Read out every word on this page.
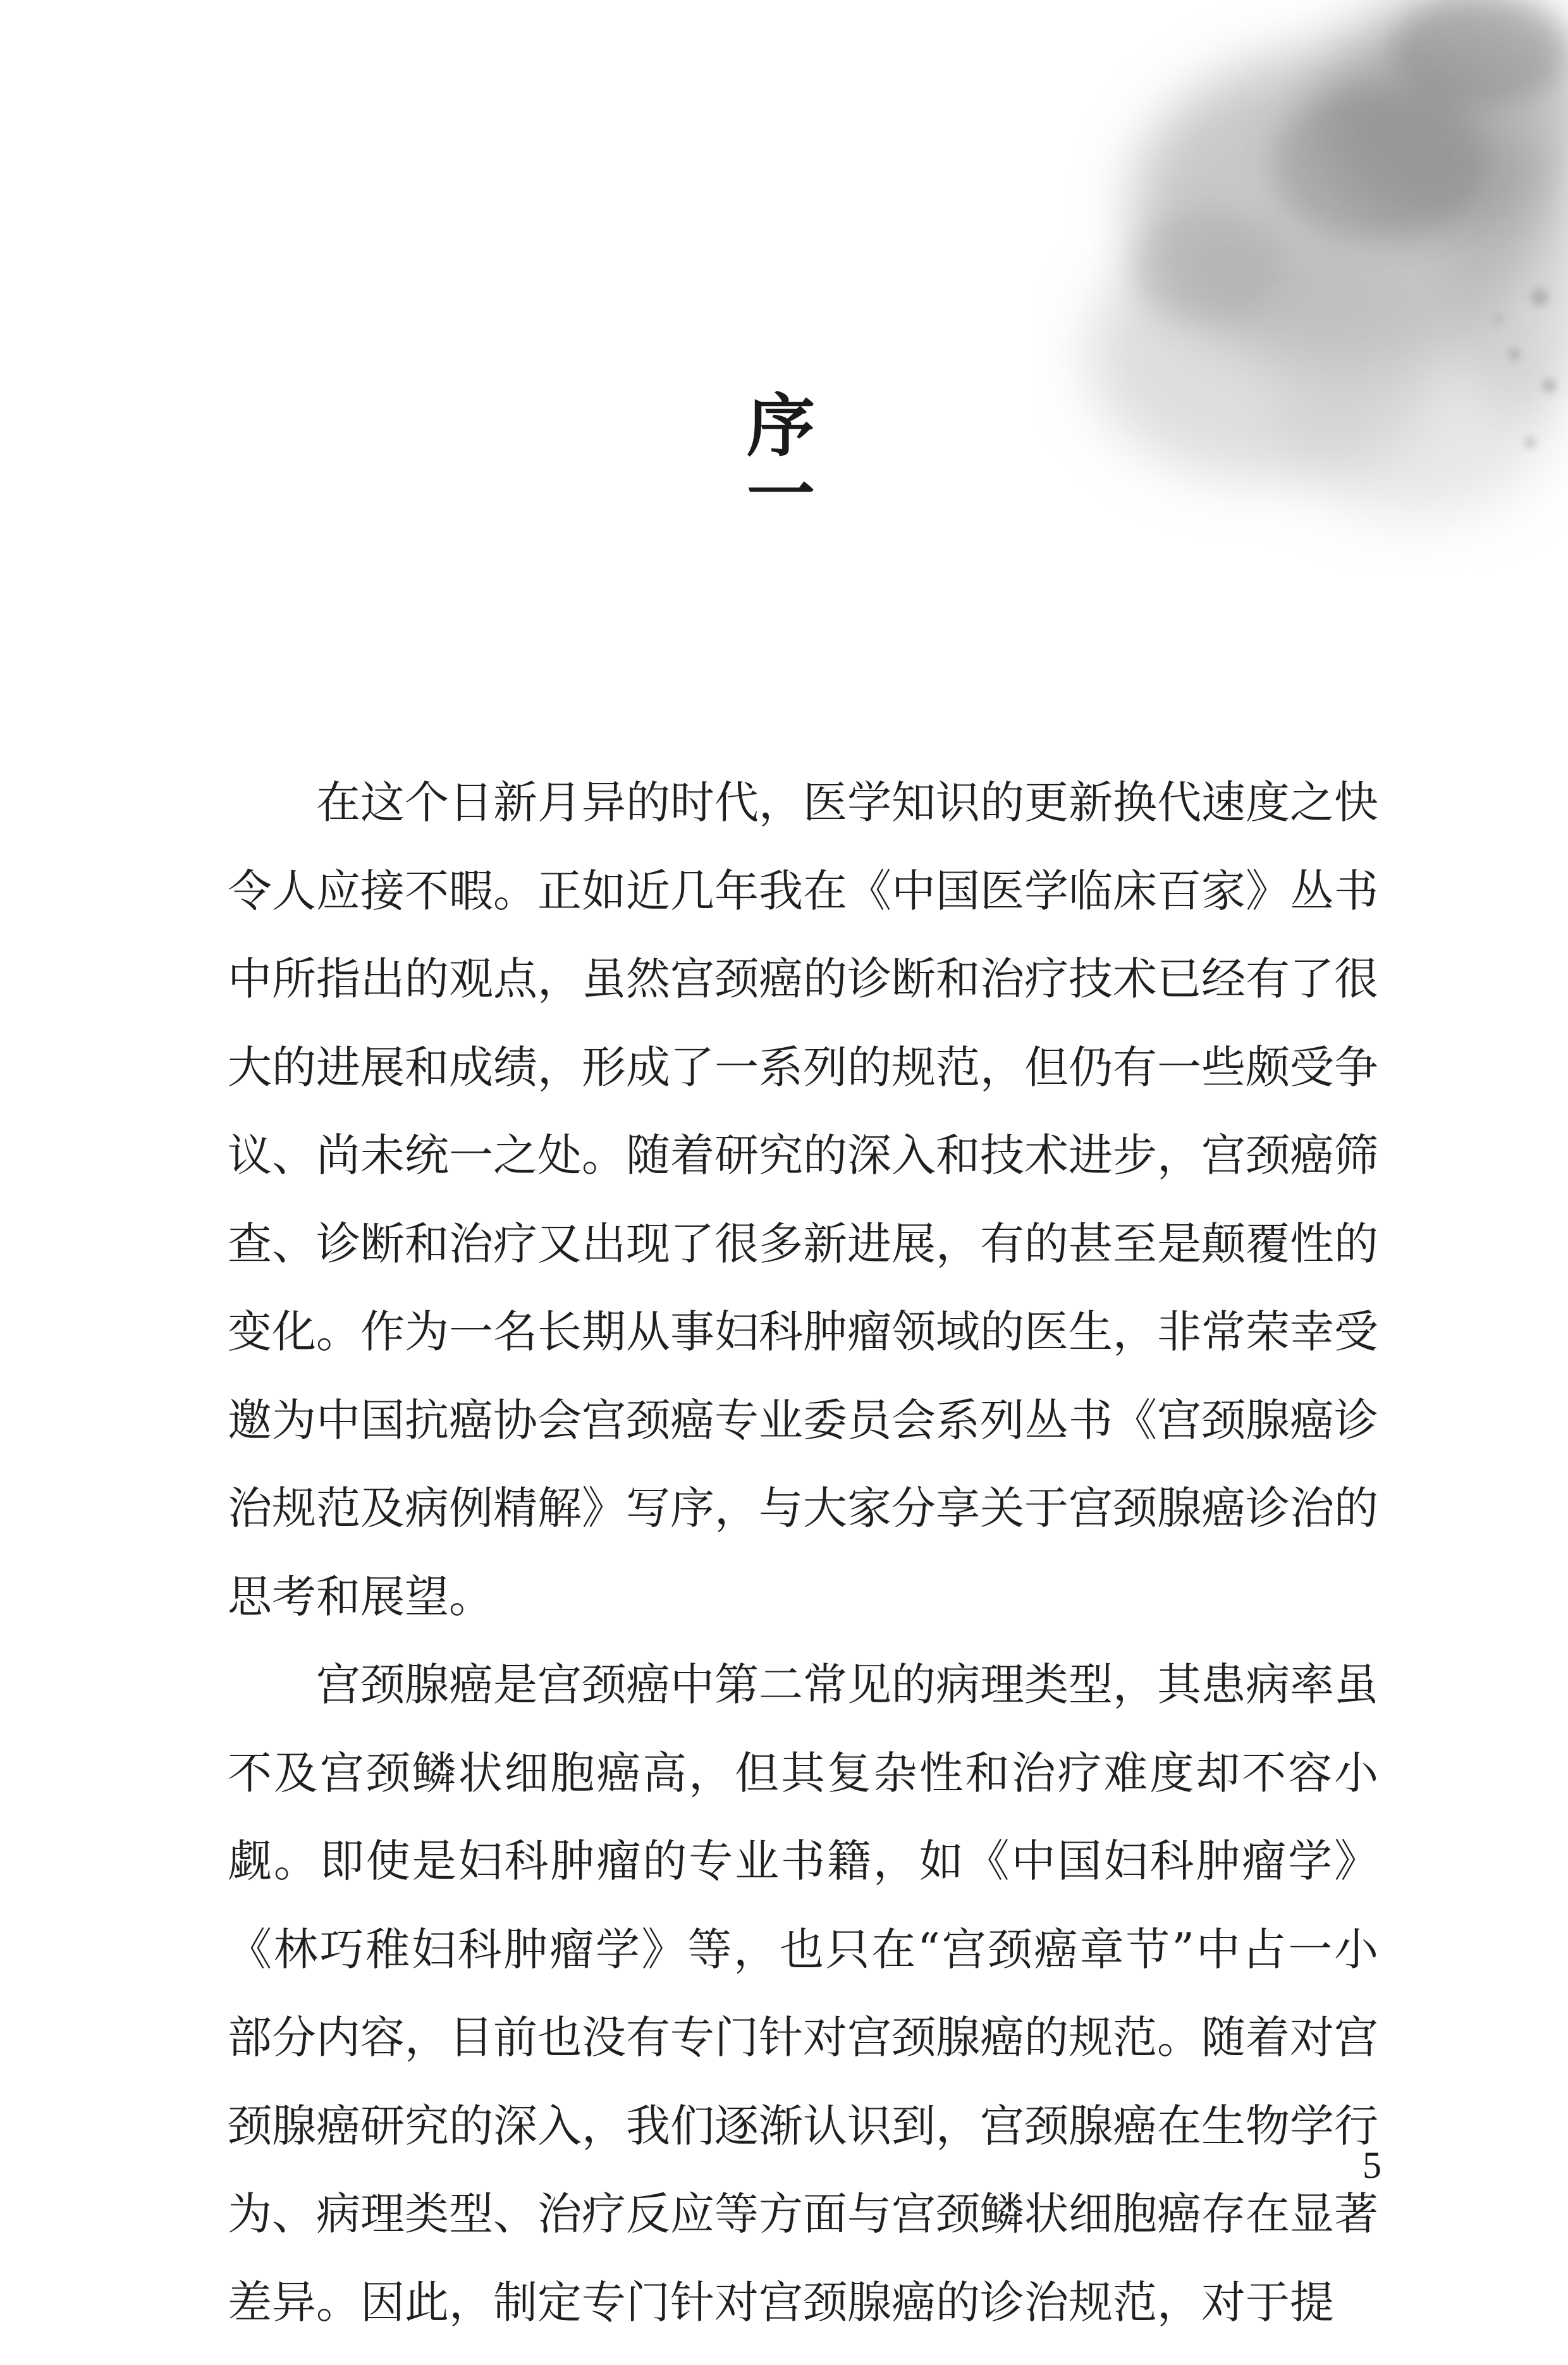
序一

在这个日新月异的时代，医学知识的更新换代速度之快令人应接不暇。正如近几年我在《中国医学临床百家》丛书中所指出的观点，虽然宫颈癌的诊断和治疗技术已经有了很大的进展和成绩，形成了一系列的规范，但仍有一些颇受争议、尚未统一之处。随着研究的深入和技术进步，宫颈癌筛查、诊断和治疗又出现了很多新进展，有的甚至是颠覆性的变化。作为一名长期从事妇科肿瘤领域的医生，非常荣幸受邀为中国抗癌协会宫颈癌专业委员会系列丛书《宫颈腺癌诊治规范及病例精解》写序，与大家分享关于宫颈腺癌诊治的思考和展望。

宫颈腺癌是宫颈癌中第二常见的病理类型，其患病率虽不及宫颈鳞状细胞癌高，但其复杂性和治疗难度却不容小觑。即使是妇科肿瘤的专业书籍，如《中国妇科肿瘤学》《林巧稚妇科肿瘤学》等，也只在“宫颈癌章节”中占一小部分内容，目前也没有专门针对宫颈腺癌的规范。随着对宫颈腺癌研究的深入，我们逐渐认识到，宫颈腺癌在生物学行为、病理类型、治疗反应等方面与宫颈鳞状细胞癌存在显著差异。因此，制定专门针对宫颈腺癌的诊治规范，对于提

5
